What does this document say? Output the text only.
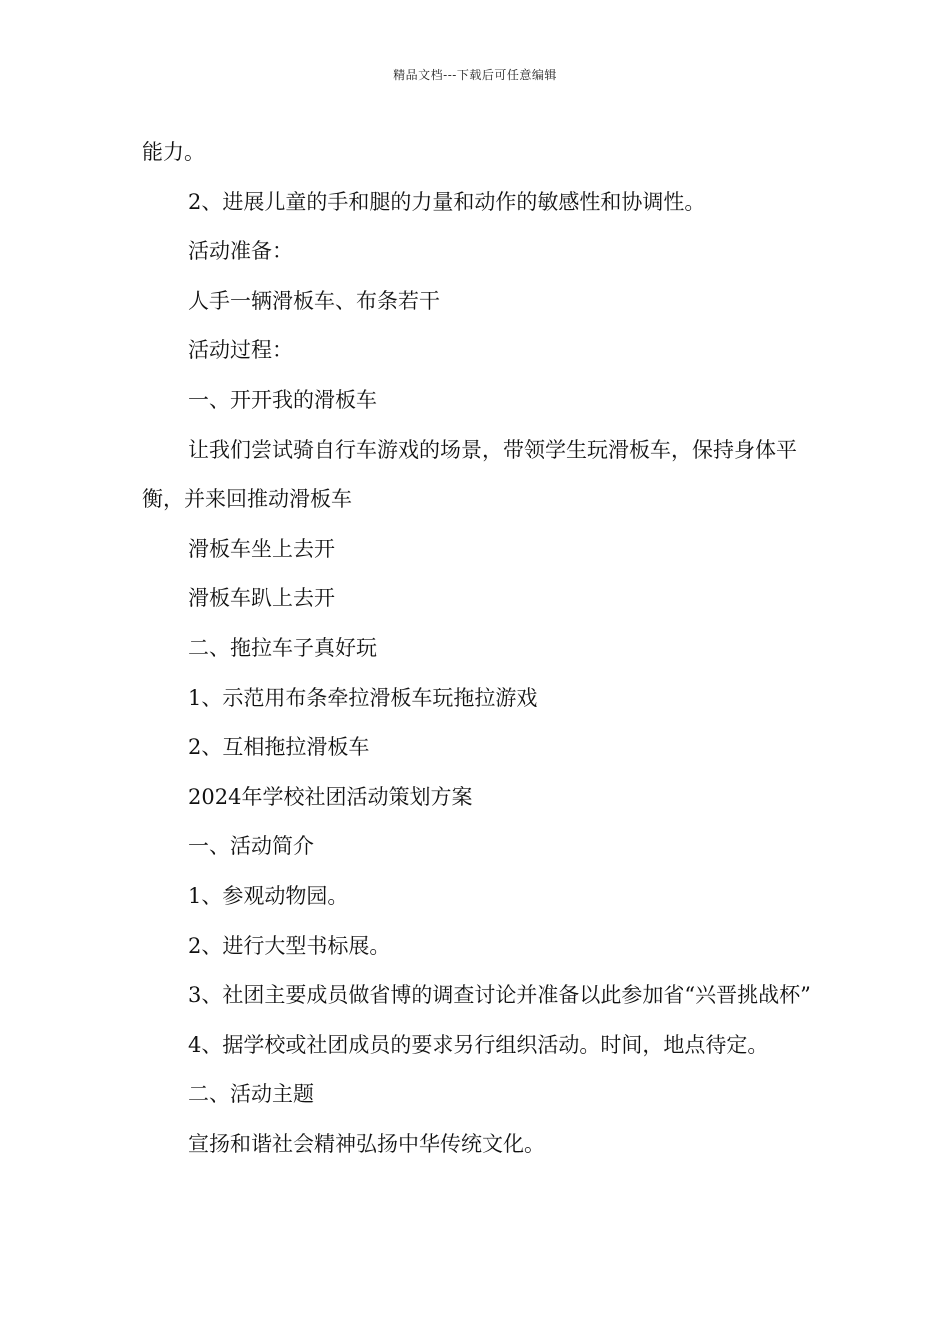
精品文档---下载后可任意编辑

能力。

2、进展儿童的手和腿的力量和动作的敏感性和协调性。

活动准备：

人手一辆滑板车、布条若干

活动过程：

一、开开我的滑板车

让我们尝试骑自行车游戏的场景，带领学生玩滑板车，保持身体平衡，并来回推动滑板车

滑板车坐上去开

滑板车趴上去开

二、拖拉车子真好玩

1、示范用布条牵拉滑板车玩拖拉游戏

2、互相拖拉滑板车

2024年学校社团活动策划方案

一、活动简介

1、参观动物园。

2、进行大型书标展。

3、社团主要成员做省博的调查讨论并准备以此参加省“兴晋挑战杯”

4、据学校或社团成员的要求另行组织活动。时间，地点待定。

二、活动主题

宣扬和谐社会精神弘扬中华传统文化。
